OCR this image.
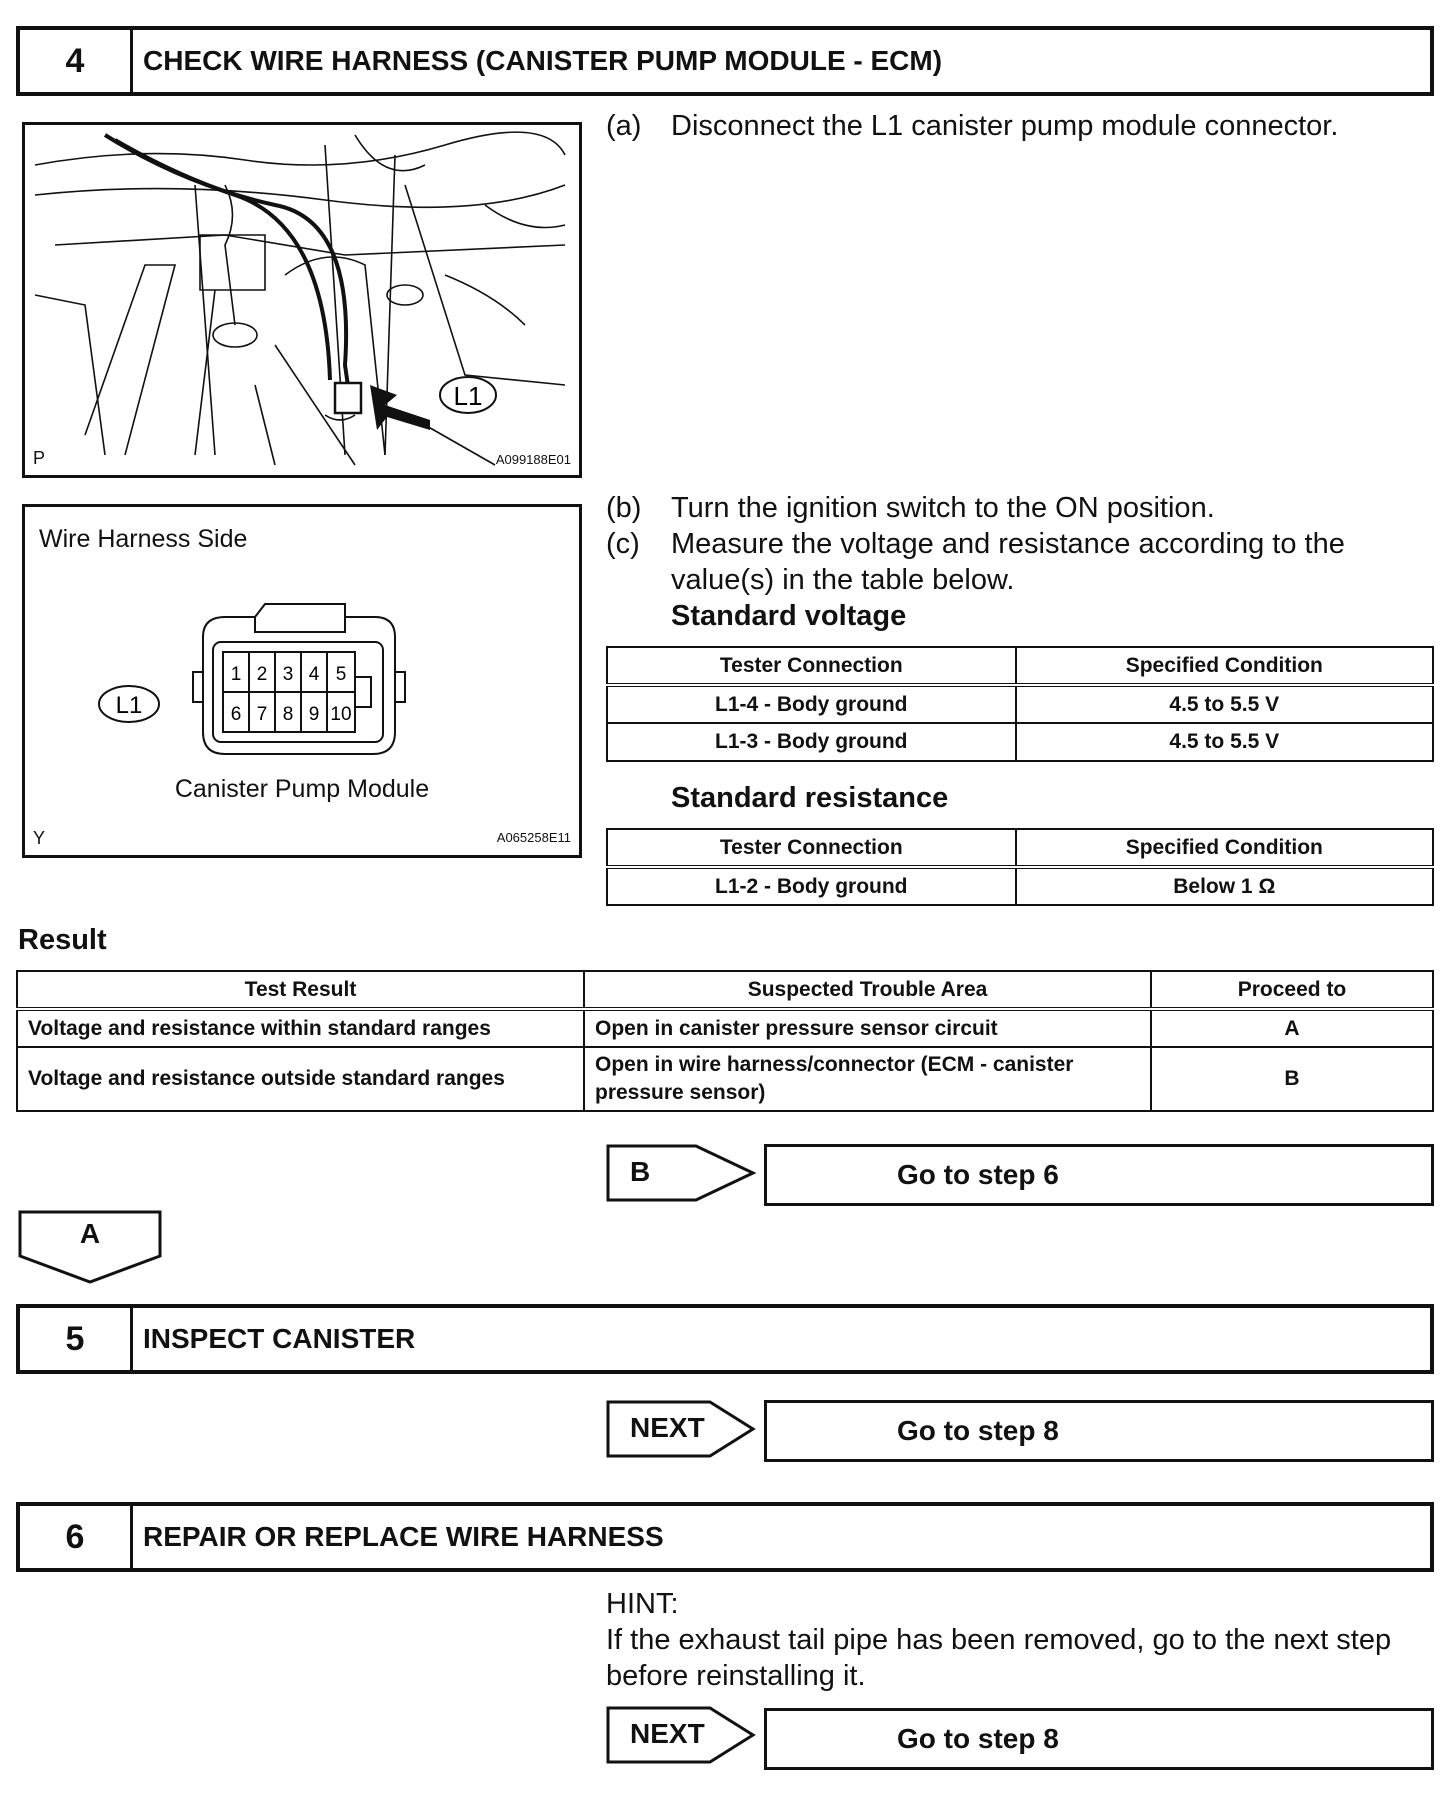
4	CHECK WIRE HARNESS (CANISTER PUMP MODULE - ECM)
L1
P	A099188E01
Wire Harness Side
1 2 3 4 5
6 7 8 9 10
L1
Canister Pump Module
Y	A065258E11
(a) Disconnect the L1 canister pump module connector.
(b) Turn the ignition switch to the ON position.
(c) Measure the voltage and resistance according to the
value(s) in the table below.
Standard voltage
Tester Connection	Specified Condition
L1-4 - Body ground	4.5 to 5.5 V
L1-3 - Body ground	4.5 to 5.5 V
Standard resistance
Tester Connection	Specified Condition
L1-2 - Body ground	Below 1 Ω
Result
Test Result	Suspected Trouble Area	Proceed to
Voltage and resistance within standard ranges	Open in canister pressure sensor circuit	A
Voltage and resistance outside standard ranges	Open in wire harness/connector (ECM - canister pressure sensor)	B
B	Go to step 6
A
5	INSPECT CANISTER
NEXT	Go to step 8
6	REPAIR OR REPLACE WIRE HARNESS
HINT:
If the exhaust tail pipe has been removed, go to the next step
before reinstalling it.
NEXT	Go to step 8
